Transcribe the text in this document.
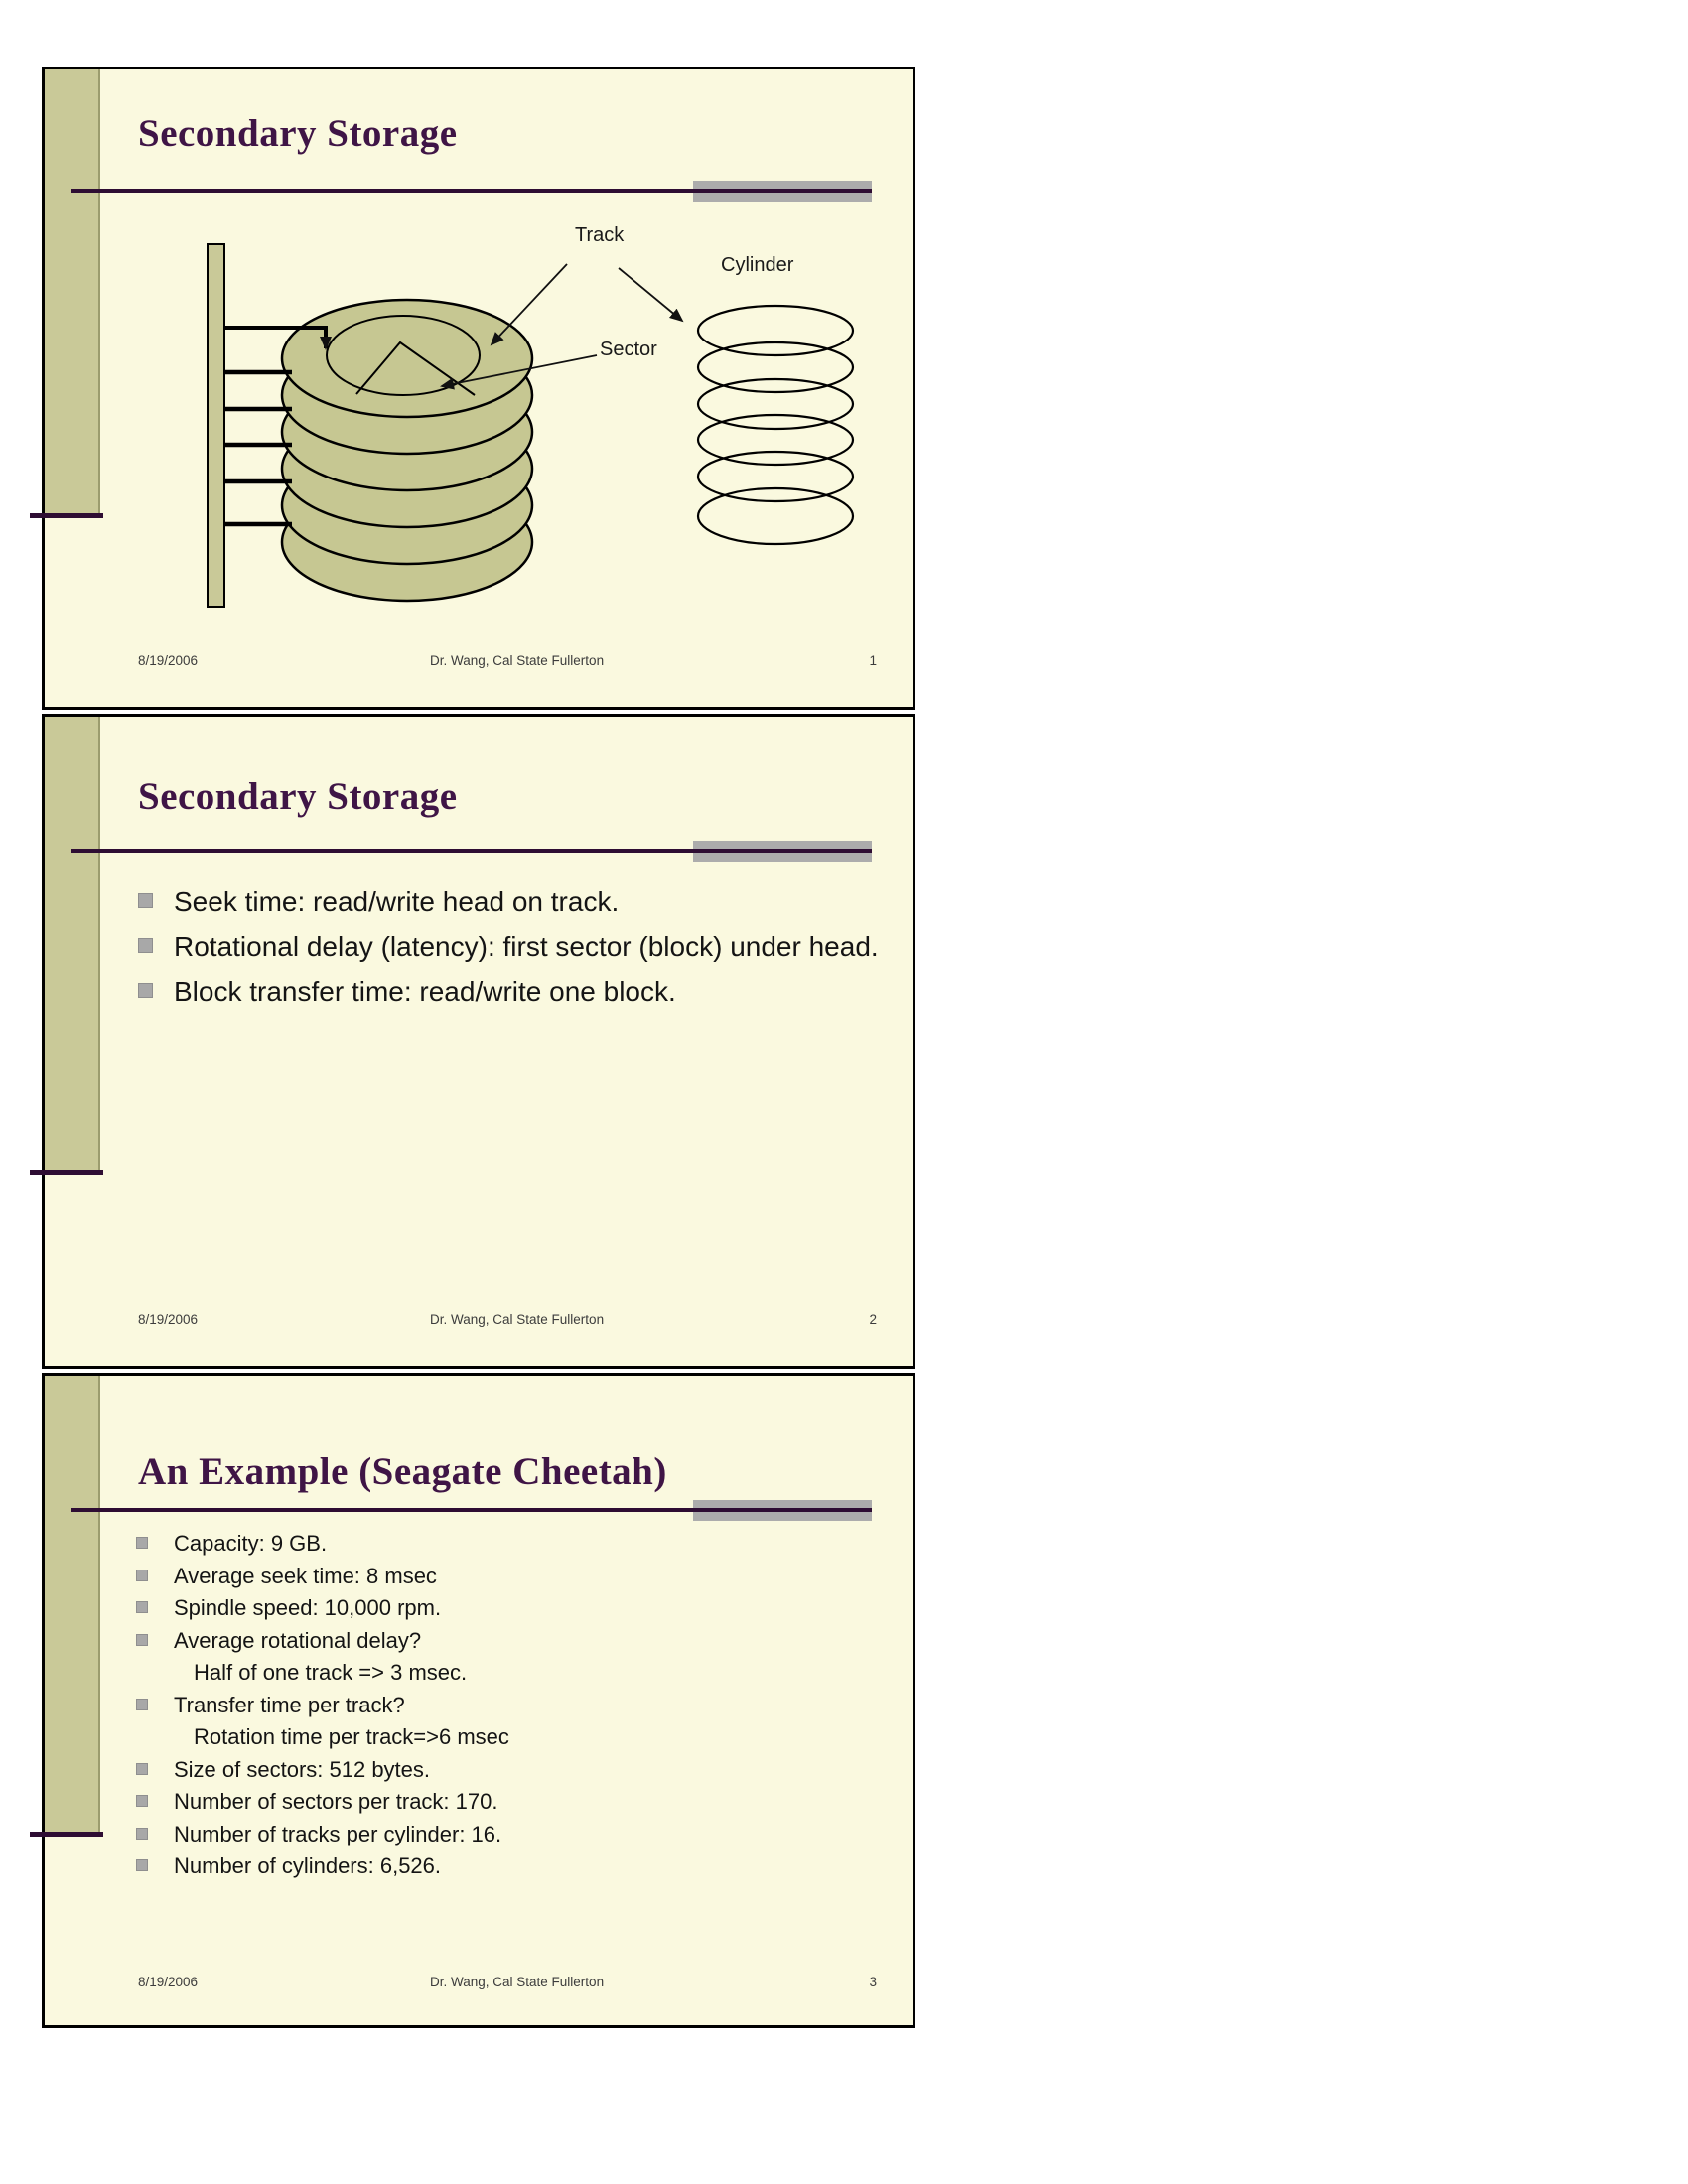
Secondary Storage
Track
Cylinder
Sector
8/19/2006	Dr. Wang, Cal State Fullerton	1
Secondary Storage
Seek time: read/write head on track.
Rotational delay (latency): first sector (block) under head.
Block transfer time: read/write one block.
8/19/2006	Dr. Wang, Cal State Fullerton	2
An Example (Seagate Cheetah)
Capacity: 9 GB.
Average seek time: 8 msec
Spindle speed: 10,000 rpm.
Average rotational delay?
Half of one track => 3 msec.
Transfer time per track?
Rotation time per track=>6 msec
Size of sectors: 512 bytes.
Number of sectors per track: 170.
Number of tracks per cylinder: 16.
Number of cylinders: 6,526.
8/19/2006	Dr. Wang, Cal State Fullerton	3
